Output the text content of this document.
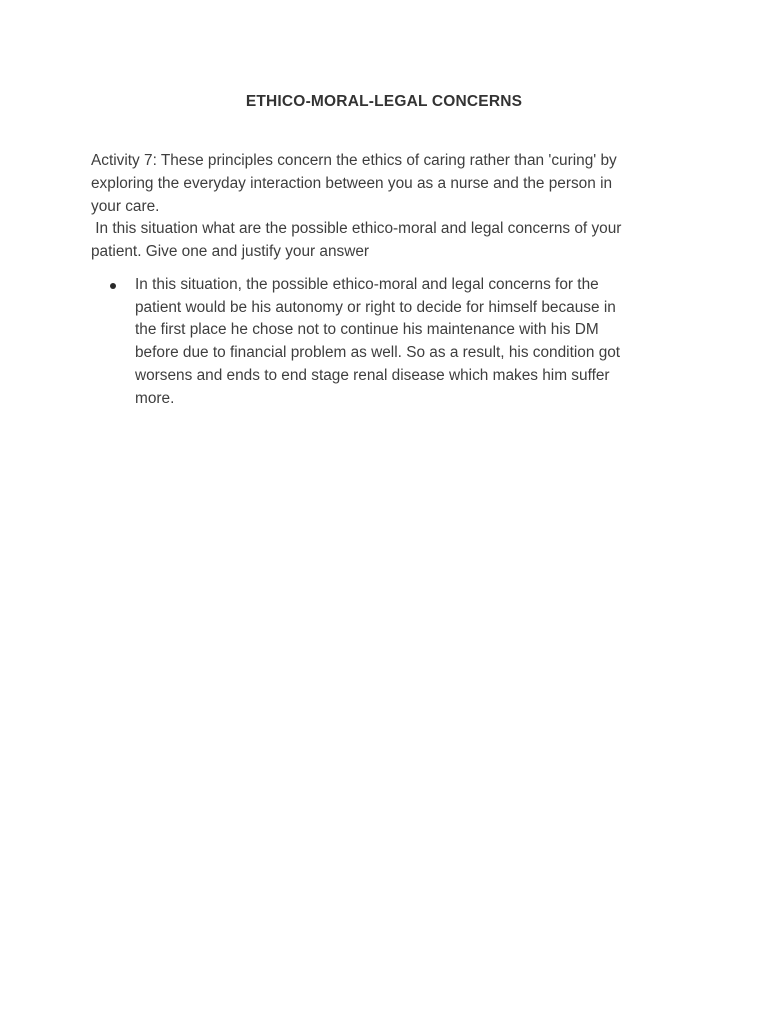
ETHICO-MORAL-LEGAL CONCERNS

Activity 7: These principles concern the ethics of caring rather than 'curing' by
exploring the everyday interaction between you as a nurse and the person in
your care.
In this situation what are the possible ethico-moral and legal concerns of your
patient. Give one and justify your answer

In this situation, the possible ethico-moral and legal concerns for the
patient would be his autonomy or right to decide for himself because in
the first place he chose not to continue his maintenance with his DM
before due to financial problem as well. So as a result, his condition got
worsens and ends to end stage renal disease which makes him suffer
more.
